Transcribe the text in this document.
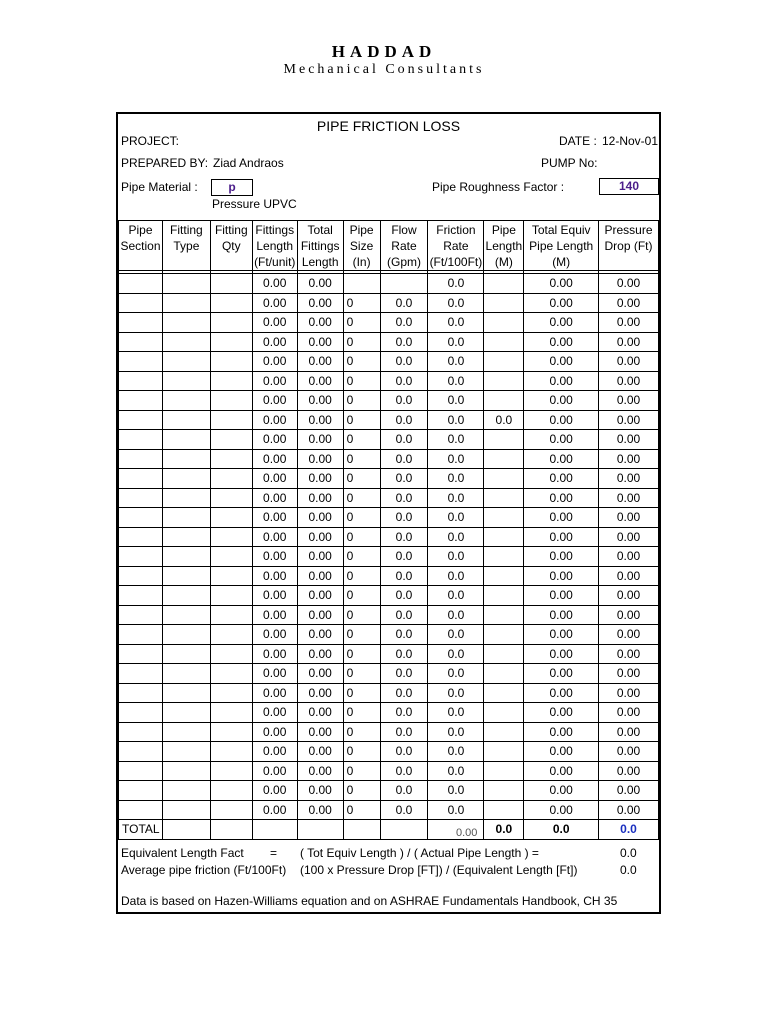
HADDAD
Mechanical Consultants
PIPE FRICTION LOSS
PROJECT:	DATE : 12-Nov-01
PREPARED BY: Ziad Andraos	PUMP No:
Pipe Material :	p	Pipe Roughness Factor :	140
Pressure UPVC
Pipe Section	Fitting Type	Fitting Qty	Fittings Length (Ft/unit)	Total Fittings Length	Pipe Size (In)	Flow Rate (Gpm)	Friction Rate (Ft/100Ft)	Pipe Length (M)	Total Equiv Pipe Length (M)	Pressure Drop (Ft)

			0.00	0.00			0.0		0.00	0.00
			0.00	0.00	0	0.0	0.0		0.00	0.00
			0.00	0.00	0	0.0	0.0		0.00	0.00
			0.00	0.00	0	0.0	0.0		0.00	0.00
			0.00	0.00	0	0.0	0.0		0.00	0.00
			0.00	0.00	0	0.0	0.0		0.00	0.00
			0.00	0.00	0	0.0	0.0		0.00	0.00
			0.00	0.00	0	0.0	0.0	0.0	0.00	0.00
			0.00	0.00	0	0.0	0.0		0.00	0.00
			0.00	0.00	0	0.0	0.0		0.00	0.00
			0.00	0.00	0	0.0	0.0		0.00	0.00
			0.00	0.00	0	0.0	0.0		0.00	0.00
			0.00	0.00	0	0.0	0.0		0.00	0.00
			0.00	0.00	0	0.0	0.0		0.00	0.00
			0.00	0.00	0	0.0	0.0		0.00	0.00
			0.00	0.00	0	0.0	0.0		0.00	0.00
			0.00	0.00	0	0.0	0.0		0.00	0.00
			0.00	0.00	0	0.0	0.0		0.00	0.00
			0.00	0.00	0	0.0	0.0		0.00	0.00
			0.00	0.00	0	0.0	0.0		0.00	0.00
			0.00	0.00	0	0.0	0.0		0.00	0.00
			0.00	0.00	0	0.0	0.0		0.00	0.00
			0.00	0.00	0	0.0	0.0		0.00	0.00
			0.00	0.00	0	0.0	0.0		0.00	0.00
			0.00	0.00	0	0.0	0.0		0.00	0.00
			0.00	0.00	0	0.0	0.0		0.00	0.00
			0.00	0.00	0	0.0	0.0		0.00	0.00
			0.00	0.00	0	0.0	0.0		0.00	0.00
TOTAL								0.0	0.0	0.0
0.00
Equivalent Length Fact = ( Tot Equiv Length ) / ( Actual Pipe Length ) =	0.0
Average pipe friction (Ft/100Ft) (100 x Pressure Drop [FT]) / (Equivalent Length [Ft])	0.0
Data is based on Hazen-Williams equation and on ASHRAE Fundamentals Handbook, CH 35
